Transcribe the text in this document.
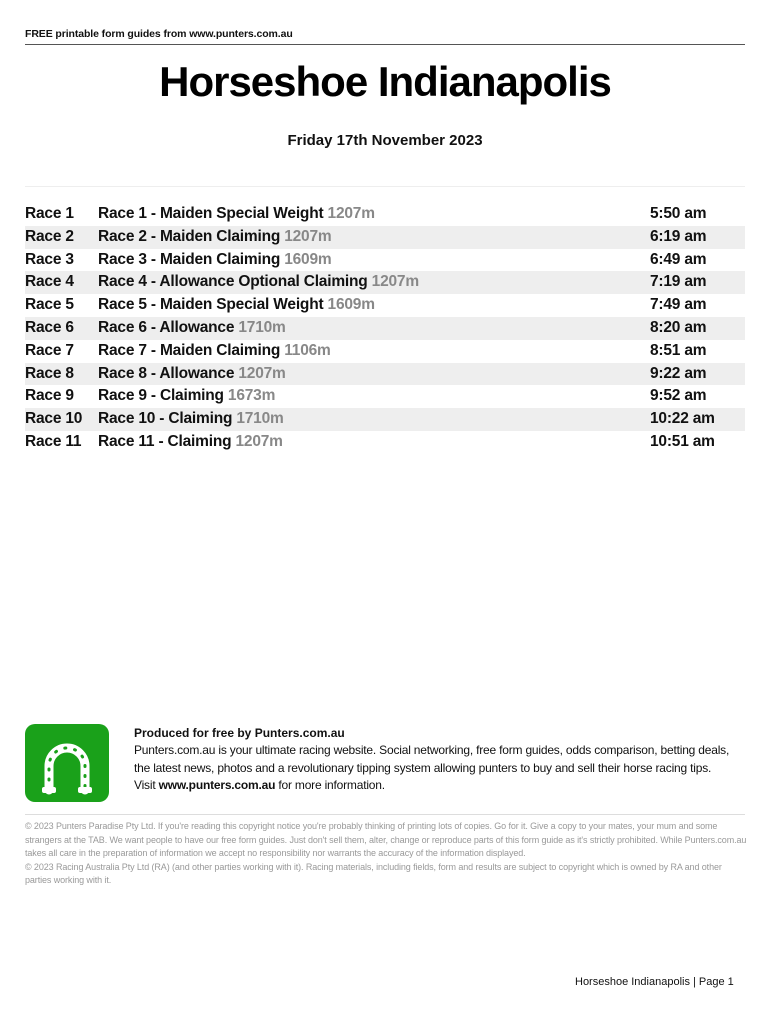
FREE printable form guides from www.punters.com.au
Horseshoe Indianapolis
Friday 17th November 2023
Race 1 Race 1 - Maiden Special Weight 1207m	5:50 am
Race 2 Race 2 - Maiden Claiming 1207m	6:19 am
Race 3 Race 3 - Maiden Claiming 1609m	6:49 am
Race 4 Race 4 - Allowance Optional Claiming 1207m	7:19 am
Race 5 Race 5 - Maiden Special Weight 1609m	7:49 am
Race 6 Race 6 - Allowance 1710m	8:20 am
Race 7 Race 7 - Maiden Claiming 1106m	8:51 am
Race 8 Race 8 - Allowance 1207m	9:22 am
Race 9 Race 9 - Claiming 1673m	9:52 am
Race 10 Race 10 - Claiming 1710m	10:22 am
Race 11 Race 11 - Claiming 1207m	10:51 am
Produced for free by Punters.com.au

Punters.com.au is your ultimate racing website. Social networking, free form guides, odds comparison, betting deals, the latest news, photos and a revolutionary tipping system allowing punters to buy and sell their horse racing tips.

Visit www.punters.com.au for more information.

© 2023 Punters Paradise Pty Ltd. If you're reading this copyright notice you're probably thinking of printing lots of copies. Go for it. Give a copy to your mates, your mum and some strangers at the TAB. We want people to have our free form guides. Just don't sell them, alter, change or reproduce parts of this form guide as it's strictly prohibited. While Punters.com.au takes all care in the preparation of information we accept no responsibility nor warrants the accuracy of the information displayed.

© 2023 Racing Australia Pty Ltd (RA) (and other parties working with it). Racing materials, including fields, form and results are subject to copyright which is owned by RA and other parties working with it.

Horseshoe Indianapolis | Page 1
